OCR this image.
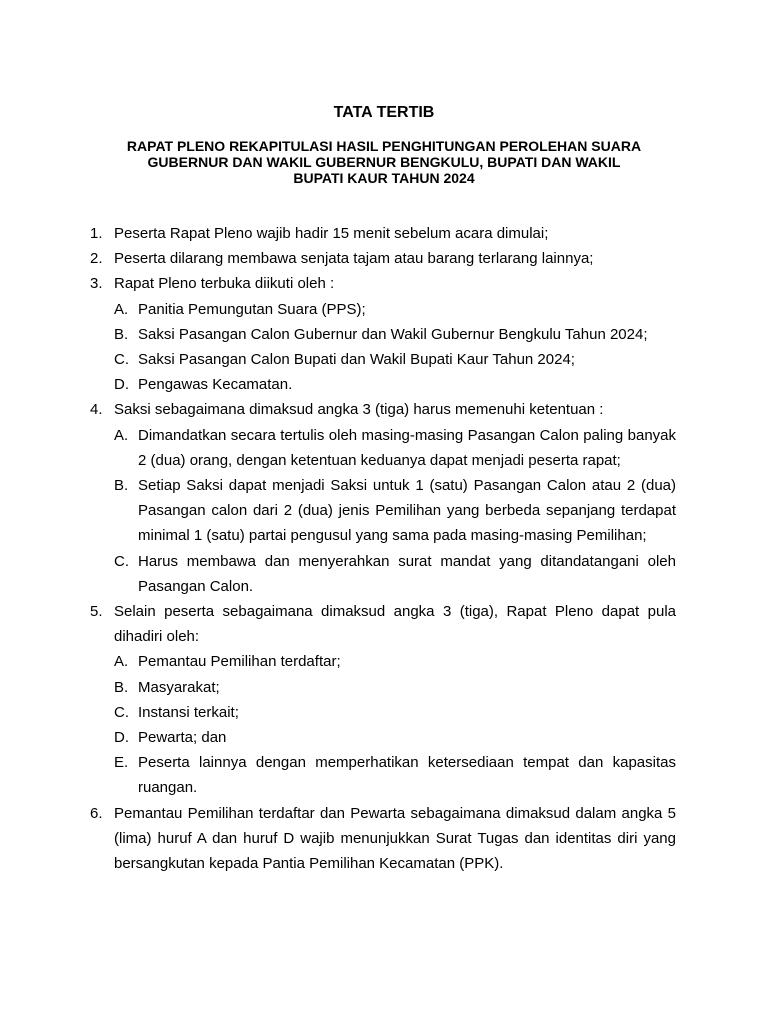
TATA TERTIB
RAPAT PLENO REKAPITULASI HASIL PENGHITUNGAN PEROLEHAN SUARA
GUBERNUR DAN WAKIL GUBERNUR BENGKULU, BUPATI DAN WAKIL
BUPATI KAUR TAHUN 2024
1. Peserta Rapat Pleno wajib hadir 15 menit sebelum acara dimulai;
2. Peserta dilarang membawa senjata tajam atau barang terlarang lainnya;
3. Rapat Pleno terbuka diikuti oleh :
A. Panitia Pemungutan Suara (PPS);
B. Saksi Pasangan Calon Gubernur dan Wakil Gubernur Bengkulu Tahun 2024;
C. Saksi Pasangan Calon Bupati dan Wakil Bupati Kaur Tahun 2024;
D. Pengawas Kecamatan.
4. Saksi sebagaimana dimaksud angka 3 (tiga) harus memenuhi ketentuan :
A. Dimandatkan secara tertulis oleh masing-masing Pasangan Calon paling banyak 2 (dua) orang, dengan ketentuan keduanya dapat menjadi peserta rapat;
B. Setiap Saksi dapat menjadi Saksi untuk 1 (satu) Pasangan Calon atau 2 (dua) Pasangan calon dari 2 (dua) jenis Pemilihan yang berbeda sepanjang terdapat minimal 1 (satu) partai pengusul yang sama pada masing-masing Pemilihan;
C. Harus membawa dan menyerahkan surat mandat yang ditandatangani oleh Pasangan Calon.
5. Selain peserta sebagaimana dimaksud angka 3 (tiga), Rapat Pleno dapat pula dihadiri oleh:
A. Pemantau Pemilihan terdaftar;
B. Masyarakat;
C. Instansi terkait;
D. Pewarta; dan
E. Peserta lainnya dengan memperhatikan ketersediaan tempat dan kapasitas ruangan.
6. Pemantau Pemilihan terdaftar dan Pewarta sebagaimana dimaksud dalam angka 5 (lima) huruf A dan huruf D wajib menunjukkan Surat Tugas dan identitas diri yang bersangkutan kepada Pantia Pemilihan Kecamatan (PPK).
